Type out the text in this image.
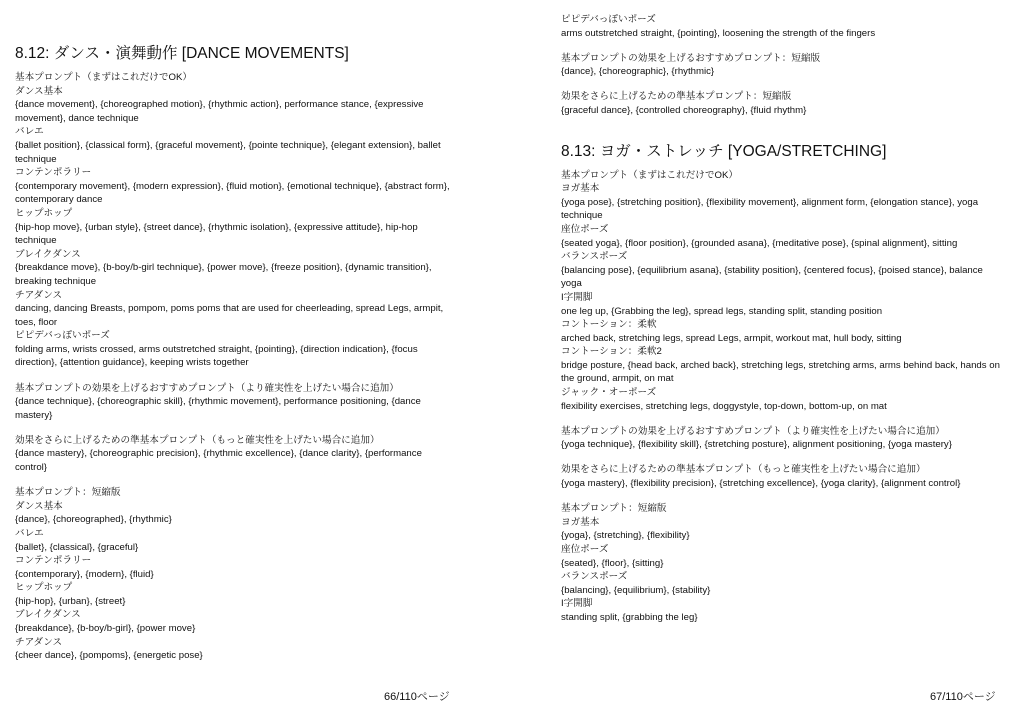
8.12: ダンス・演舞動作 [DANCE MOVEMENTS]
基本プロンプト（まずはこれだけでOK）
ダンス基本
{dance movement}, {choreographed motion}, {rhythmic action}, performance stance, {expressive movement}, dance technique
バレエ
{ballet position}, {classical form}, {graceful movement}, {pointe technique}, {elegant extension}, ballet technique
コンテンポラリー
{contemporary movement}, {modern expression}, {fluid motion}, {emotional technique}, {abstract form}, contemporary dance
ヒップホップ
{hip-hop move}, {urban style}, {street dance}, {rhythmic isolation}, {expressive attitude}, hip-hop technique
ブレイクダンス
{breakdance move}, {b-boy/b-girl technique}, {power move}, {freeze position}, {dynamic transition}, breaking technique
チアダンス
dancing, dancing Breasts, pompom, poms poms that are used for cheerleading, spread Legs, armpit, toes, floor
ピピデバっぽいポーズ
folding arms, wrists crossed, arms outstretched straight, {pointing}, {direction indication}, {focus direction}, {attention guidance}, keeping wrists together
基本プロンプトの効果を上げるおすすめプロンプト（より確実性を上げたい場合に追加）
{dance technique}, {choreographic skill}, {rhythmic movement}, performance positioning, {dance mastery}
効果をさらに上げるための準基本プロンプト（もっと確実性を上げたい場合に追加）
{dance mastery}, {choreographic precision}, {rhythmic excellence}, {dance clarity}, {performance control}
基本プロンプト：短縮版
ダンス基本
{dance}, {choreographed}, {rhythmic}
バレエ
{ballet}, {classical}, {graceful}
コンテンポラリー
{contemporary}, {modern}, {fluid}
ヒップホップ
{hip-hop}, {urban}, {street}
ブレイクダンス
{breakdance}, {b-boy/b-girl}, {power move}
チアダンス
{cheer dance}, {pompoms}, {energetic pose}
ピピデバっぽいポーズ
arms outstretched straight, {pointing}, loosening the strength of the fingers
基本プロンプトの効果を上げるおすすめプロンプト：短縮版
{dance}, {choreographic}, {rhythmic}
効果をさらに上げるための準基本プロンプト：短縮版
{graceful dance}, {controlled choreography}, {fluid rhythm}
8.13: ヨガ・ストレッチ [YOGA/STRETCHING]
基本プロンプト（まずはこれだけでOK）
ヨガ基本
{yoga pose}, {stretching position}, {flexibility movement}, alignment form, {elongation stance}, yoga technique
座位ポーズ
{seated yoga}, {floor position}, {grounded asana}, {meditative pose}, {spinal alignment}, sitting
バランスポーズ
{balancing pose}, {equilibrium asana}, {stability position}, {centered focus}, {poised stance}, balance yoga
I字開脚
one leg up, {Grabbing the leg}, spread legs, standing split, standing position
コントーション：柔軟
arched back, stretching legs, spread Legs, armpit, workout mat, hull body, sitting
コントーション：柔軟2
bridge posture, {head back, arched back}, stretching legs, stretching arms, arms behind back, hands on the ground, armpit, on mat
ジャック・オーポーズ
flexibility exercises, stretching legs, doggystyle, top-down, bottom-up, on mat
基本プロンプトの効果を上げるおすすめプロンプト（より確実性を上げたい場合に追加）
{yoga technique}, {flexibility skill}, {stretching posture}, alignment positioning, {yoga mastery}
効果をさらに上げるための準基本プロンプト（もっと確実性を上げたい場合に追加）
{yoga mastery}, {flexibility precision}, {stretching excellence}, {yoga clarity}, {alignment control}
基本プロンプト：短縮版
ヨガ基本
{yoga}, {stretching}, {flexibility}
座位ポーズ
{seated}, {floor}, {sitting}
バランスポーズ
{balancing}, {equilibrium}, {stability}
I字開脚
standing split, {grabbing the leg}
66/110ページ	67/110ページ
